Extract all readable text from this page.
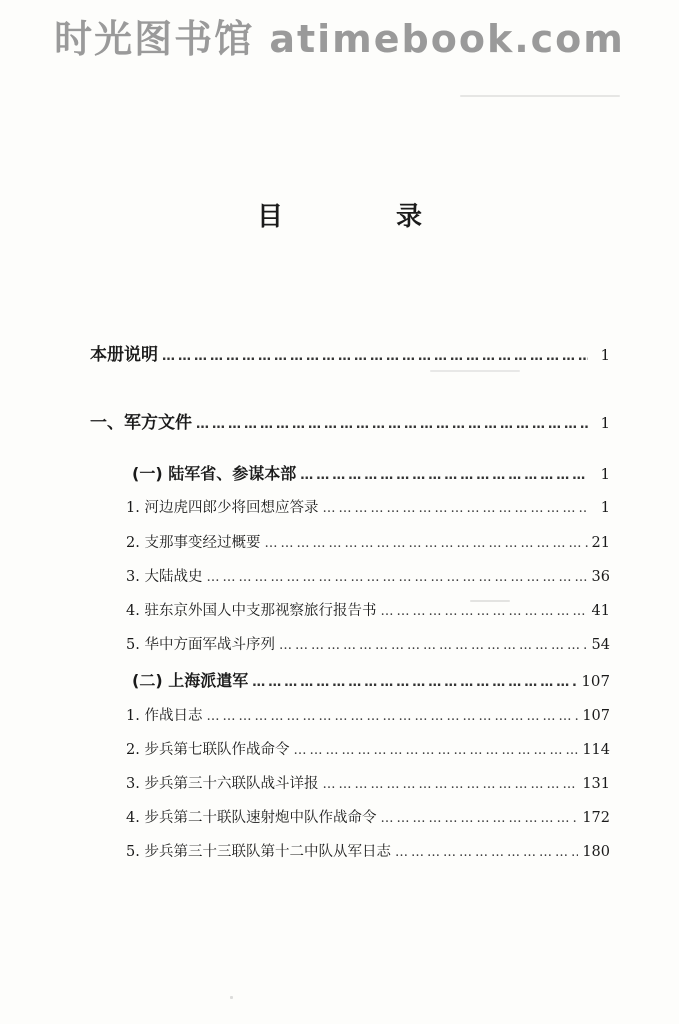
时光图书馆 atimebook.com
目 录
本册说明 ……………………………………………………………………………………………………………………………………………………	1
一、军方文件 ……………………………………………………………………………………………………………………………………………………	1
(一) 陆军省、参谋本部 ……………………………………………………………………………………………………………………………………………………	1
1. 河边虎四郎少将回想应答录 ……………………………………………………………………………………………………………………………………………………	1
2. 支那事变经过概要 ……………………………………………………………………………………………………………………………………………………	21
3. 大陆战史 ……………………………………………………………………………………………………………………………………………………	36
4. 驻东京外国人中支那视察旅行报告书 ……………………………………………………………………………………………………………………………………………………	41
5. 华中方面军战斗序列 ……………………………………………………………………………………………………………………………………………………	54
(二) 上海派遣军 ……………………………………………………………………………………………………………………………………………………	107
1. 作战日志 ……………………………………………………………………………………………………………………………………………………	107
2. 步兵第七联队作战命令 ……………………………………………………………………………………………………………………………………………………	114
3. 步兵第三十六联队战斗详报 ……………………………………………………………………………………………………………………………………………………	131
4. 步兵第二十联队速射炮中队作战命令 ……………………………………………………………………………………………………………………………………………………	172
5. 步兵第三十三联队第十二中队从军日志 ……………………………………………………………………………………………………………………………………………………	180
